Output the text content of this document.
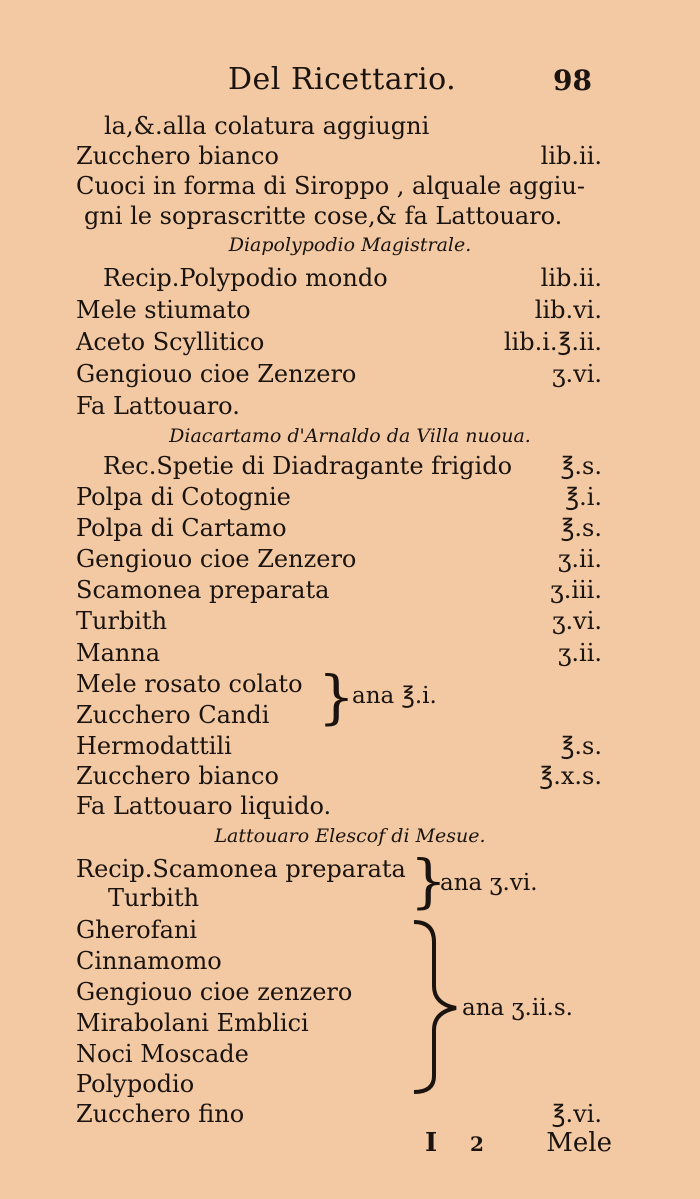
Del Ricettario.	98
la,&.alla colatura aggiugni
Zucchero bianco	lib.ii.
Cuoci in forma di Siroppo , alquale aggiu-
gni le soprascritte cose,& fa Lattouaro.
Diapolypodio Magistrale.
Recip.Polypodio mondo	lib.ii.
Mele stiumato	lib.vi.
Aceto Scyllitico	lib.i.℥.ii.
Gengiouo cioe Zenzero	ʒ.vi.
Fa Lattouaro.
Diacartamo d'Arnaldo da Villa nuoua.
Rec.Spetie di Diadragante frigido ℥.s.
Polpa di Cotognie	℥.i.
Polpa di Cartamo	℥.s.
Gengiouo cioe Zenzero	ʒ.ii.
Scamonea preparata	ʒ.iii.
Turbith	ʒ.vi.
Manna	ʒ.ii.
Mele rosato colato
Zucchero Candi }
ana ℥.i.
Hermodattili	℥.s.
Zucchero bianco	℥.x.s.
Fa Lattouaro liquido.
Lattouaro Elescof di Mesue.
Recip.Scamonea preparata
Turbith	}
ana ʒ.vi.
Gherofani
Cinnamomo
Gengiouo cioe zenzero
Mirabolani Emblici
Noci Moscade
Polypodio
ana ʒ.ii.s.
Zucchero fino	℥.vi.
I 2 Mele
